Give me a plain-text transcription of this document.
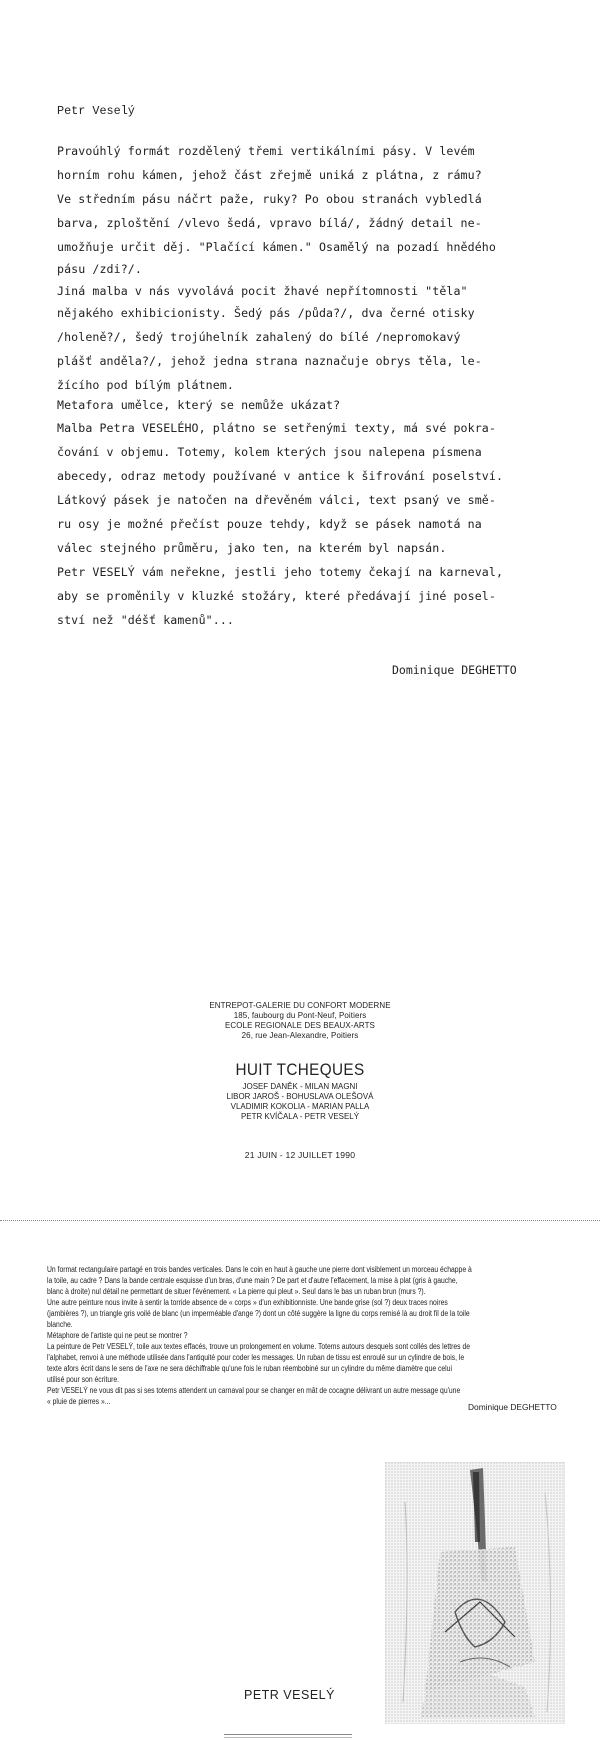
Petr Veselý
Pravoúhlý formát rozdělený třemi vertikálními pásy. V levém
horním rohu kámen, jehož část zřejmě uniká z plátna, z rámu?
Ve středním pásu náčrt paže, ruky? Po obou stranách vybledlá
barva, zploštění /vlevo šedá, vpravo bílá/, žádný detail ne-
umožňuje určit děj. "Plačící kámen." Osamělý na pozadí hnědého
pásu /zdi?/.
Jiná malba v nás vyvolává pocit žhavé nepřítomnosti "těla"
nějakého exhibicionisty. Šedý pás /půda?/, dva černé otisky
/holeně?/, šedý trojúhelník zahalený do bílé /nepromokavý
plášť anděla?/, jehož jedna strana naznačuje obrys těla, le-
žícího pod bílým plátnem.
Metafora umělce, který se nemůže ukázat?
Malba Petra VESELÉHO, plátno se setřenými texty, má své pokra-
čování v objemu. Totemy, kolem kterých jsou nalepena písmena
abecedy, odraz metody používané v antice k šifrování poselství.
Látkový pásek je natočen na dřevěném válci, text psaný ve smě-
ru osy je možné přečíst pouze tehdy, když se pásek namotá na
válec stejného průměru, jako ten, na kterém byl napsán.
Petr VESELÝ vám neřekne, jestli jeho totemy čekají na karneval,
aby se proměnily v kluzké stožáry, které předávají jiné posel-
ství než "déšť kamenů"...
Dominique DEGHETTO
ENTREPOT-GALERIE DU CONFORT MODERNE
185, faubourg du Pont-Neuf, Poitiers
ECOLE REGIONALE DES BEAUX-ARTS
26, rue Jean-Alexandre, Poitiers
HUIT TCHEQUES
JOSEF DANĚK - MILAN MAGNI
LIBOR JAROŠ - BOHUSLAVA OLEŠOVÁ
VLADIMIR KOKOLIA - MARIAN PALLA
PETR KVÍČALA - PETR VESELÝ
21 JUIN - 12 JUILLET 1990
Un format rectangulaire partagé en trois bandes verticales. Dans le coin en haut à gauche une pierre dont visiblement un morceau échappe à
la toile, au cadre ? Dans la bande centrale esquisse d'un bras, d'une main ? De part et d'autre l'effacement, la mise à plat (gris à gauche,
blanc à droite) nul détail ne permettant de situer l'événement. « La pierre qui pleut ». Seul dans le bas un ruban brun (murs ?).
Une autre peinture nous invite à sentir la torride absence de « corps » d'un exhibitionniste. Une bande grise (sol ?) deux traces noires
(jambières ?), un triangle gris voilé de blanc (un imperméable d'ange ?) dont un côté suggère la ligne du corps remisé là au droit fil de la toile
blanche.
Métaphore de l'artiste qui ne peut se montrer ?
La peinture de Petr VESELÝ, toile aux textes effacés, trouve un prolongement en volume. Totems autours desquels sont collés des lettres de
l'alphabet, renvoi à une méthode utilisée dans l'antiquité pour coder les messages. Un ruban de tissu est enroulé sur un cylindre de bois, le
texte afors écrit dans le sens de l'axe ne sera déchiffrable qu'une fois le ruban réembobiné sur un cylindre du même diamètre que celui
utilisé pour son écriture.
Petr VESELÝ ne vous dit pas si ses totems attendent un carnaval pour se changer en mât de cocagne délivrant un autre message qu'une
« pluie de pierres »...
Dominique DEGHETTO
PETR VESELÝ
